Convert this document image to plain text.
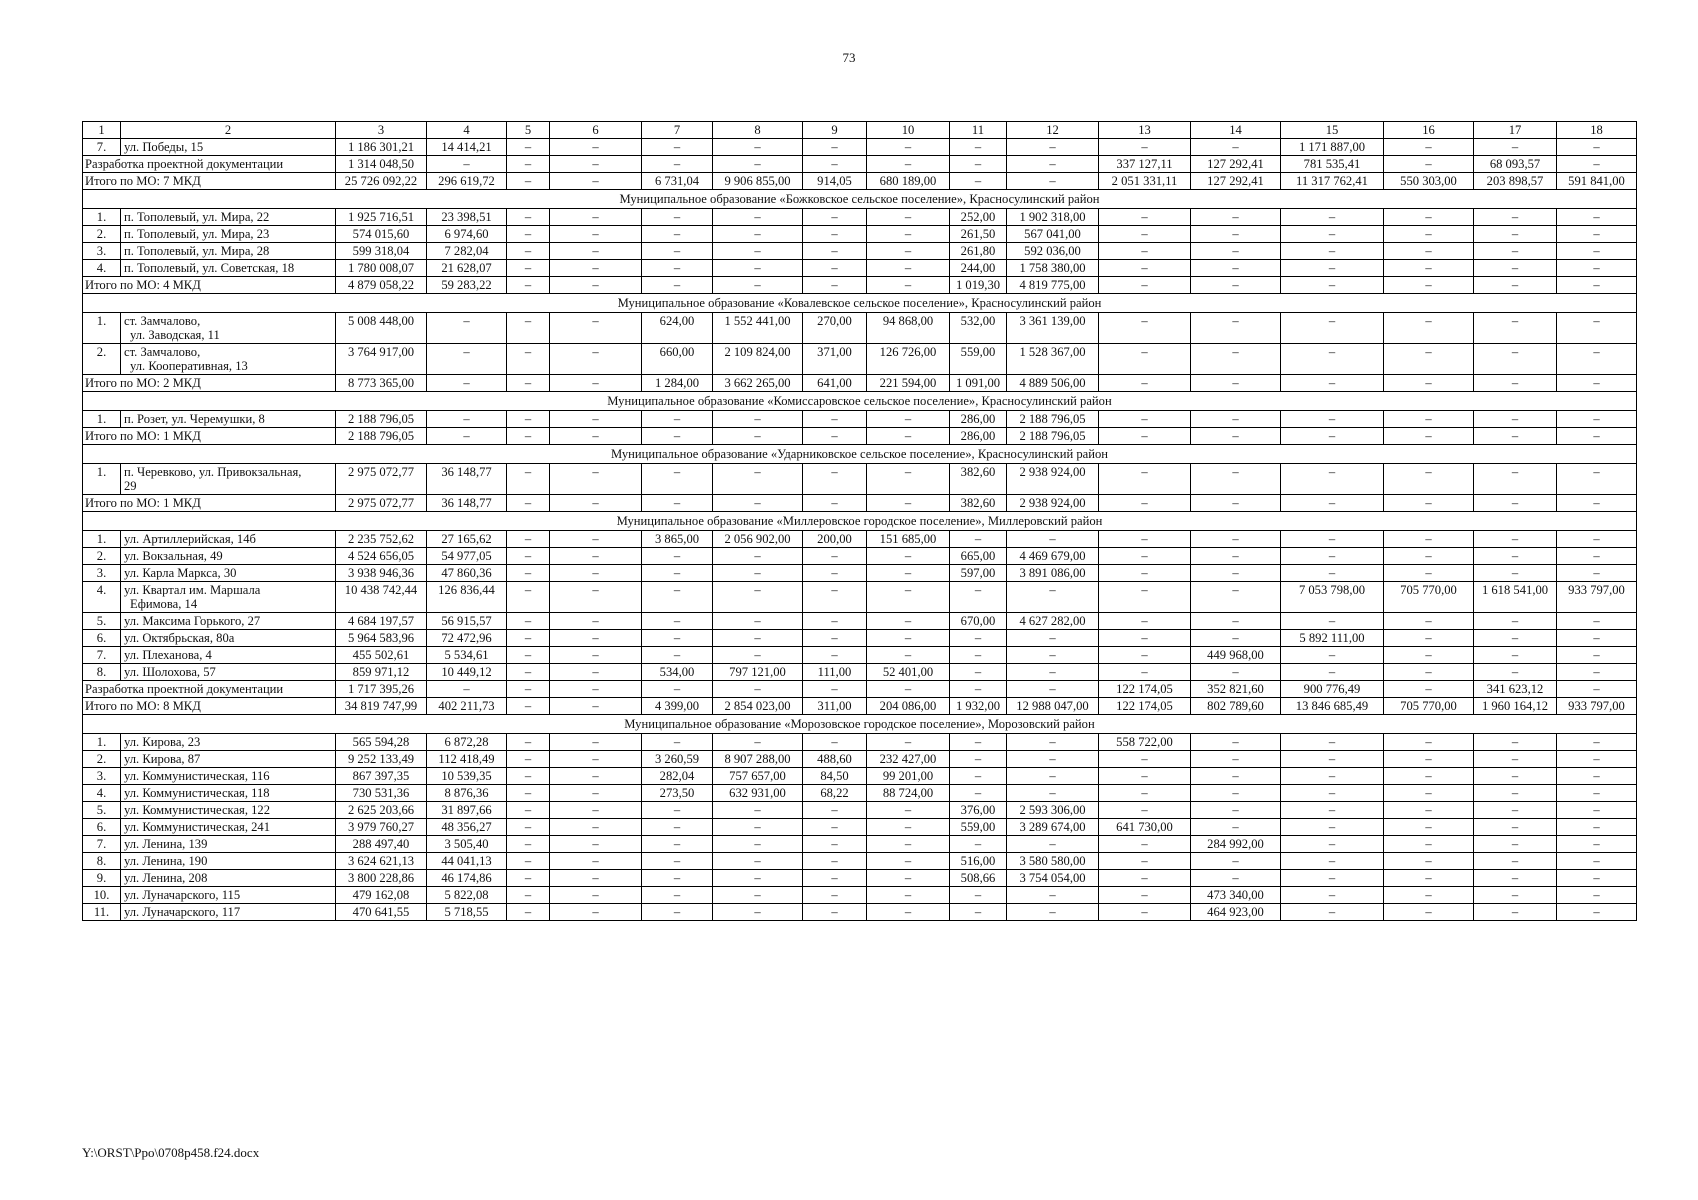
73
1	2	3	4	5	6	7	8	9	10	11	12	13	14	15	16	17	18
7.	ул. Победы, 15	1 186 301,21	14 414,21	–	–	–	–	–	–	–	–	–	–	1 171 887,00	–	–	–
Разработка проектной документации		1 314 048,50	–	–	–	–	–	–	–	–	–	337 127,11	127 292,41	781 535,41	–	68 093,57	–
Итого по МО: 7 МКД		25 726 092,22	296 619,72	–	–	6 731,04	9 906 855,00	914,05	680 189,00	–	–	2 051 331,11	127 292,41	11 317 762,41	550 303,00	203 898,57	591 841,00
Муниципальное образование «Божковское сельское поселение», Красносулинский район																	
1.	п. Тополевый, ул. Мира, 22	1 925 716,51	23 398,51	–	–	–	–	–	–	252,00	1 902 318,00	–	–	–	–	–	–
2.	п. Тополевый, ул. Мира, 23	574 015,60	6 974,60	–	–	–	–	–	–	261,50	567 041,00	–	–	–	–	–	–
3.	п. Тополевый, ул. Мира, 28	599 318,04	7 282,04	–	–	–	–	–	–	261,80	592 036,00	–	–	–	–	–	–
4.	п. Тополевый, ул. Советская, 18	1 780 008,07	21 628,07	–	–	–	–	–	–	244,00	1 758 380,00	–	–	–	–	–	–
Итого по МО: 4 МКД		4 879 058,22	59 283,22	–	–	–	–	–	–	1 019,30	4 819 775,00	–	–	–	–	–	–
Муниципальное образование «Ковалевское сельское поселение», Красносулинский район																	
1.	ст. Замчалово,
ул. Заводская, 11	5 008 448,00	–	–	–	624,00	1 552 441,00	270,00	94 868,00	532,00	3 361 139,00	–	–	–	–	–	–
2.	ст. Замчалово,
ул. Кооперативная, 13	3 764 917,00	–	–	–	660,00	2 109 824,00	371,00	126 726,00	559,00	1 528 367,00	–	–	–	–	–	–
Итого по МО: 2 МКД		8 773 365,00	–	–	–	1 284,00	3 662 265,00	641,00	221 594,00	1 091,00	4 889 506,00	–	–	–	–	–	–
Муниципальное образование «Комиссаровское сельское поселение», Красносулинский район																	
1.	п. Розет, ул. Черемушки, 8	2 188 796,05	–	–	–	–	–	–	–	286,00	2 188 796,05	–	–	–	–	–	–
Итого по МО: 1 МКД		2 188 796,05	–	–	–	–	–	–	–	286,00	2 188 796,05	–	–	–	–	–	–
Муниципальное образование «Ударниковское сельское поселение», Красносулинский район																	
1.	п. Черевково, ул. Привокзальная,
29	2 975 072,77	36 148,77	–	–	–	–	–	–	382,60	2 938 924,00	–	–	–	–	–	–
Итого по МО: 1 МКД		2 975 072,77	36 148,77	–	–	–	–	–	–	382,60	2 938 924,00	–	–	–	–	–	–
Муниципальное образование «Миллеровское городское поселение», Миллеровский район																	
1.	ул. Артиллерийская, 14б	2 235 752,62	27 165,62	–	–	3 865,00	2 056 902,00	200,00	151 685,00	–	–	–	–	–	–	–	–
2.	ул. Вокзальная, 49	4 524 656,05	54 977,05	–	–	–	–	–	–	665,00	4 469 679,00	–	–	–	–	–	–
3.	ул. Карла Маркса, 30	3 938 946,36	47 860,36	–	–	–	–	–	–	597,00	3 891 086,00	–	–	–	–	–	–
4.	ул. Квартал им. Маршала
Ефимова, 14	10 438 742,44	126 836,44	–	–	–	–	–	–	–	–	–	–	7 053 798,00	705 770,00	1 618 541,00	933 797,00
5.	ул. Максима Горького, 27	4 684 197,57	56 915,57	–	–	–	–	–	–	670,00	4 627 282,00	–	–	–	–	–	–
6.	ул. Октябрьская, 80а	5 964 583,96	72 472,96	–	–	–	–	–	–	–	–	–	–	5 892 111,00	–	–	–
7.	ул. Плеханова, 4	455 502,61	5 534,61	–	–	–	–	–	–	–	–	–	449 968,00	–	–	–	–
8.	ул. Шолохова, 57	859 971,12	10 449,12	–	–	534,00	797 121,00	111,00	52 401,00	–	–	–	–	–	–	–	–
Разработка проектной документации		1 717 395,26	–	–	–	–	–	–	–	–	–	122 174,05	352 821,60	900 776,49	–	341 623,12	–
Итого по МО: 8 МКД		34 819 747,99	402 211,73	–	–	4 399,00	2 854 023,00	311,00	204 086,00	1 932,00	12 988 047,00	122 174,05	802 789,60	13 846 685,49	705 770,00	1 960 164,12	933 797,00
Муниципальное образование «Морозовское городское поселение», Морозовский район																	
1.	ул. Кирова, 23	565 594,28	6 872,28	–	–	–	–	–	–	–	–	558 722,00	–	–	–	–	–
2.	ул. Кирова, 87	9 252 133,49	112 418,49	–	–	3 260,59	8 907 288,00	488,60	232 427,00	–	–	–	–	–	–	–	–
3.	ул. Коммунистическая, 116	867 397,35	10 539,35	–	–	282,04	757 657,00	84,50	99 201,00	–	–	–	–	–	–	–	–
4.	ул. Коммунистическая, 118	730 531,36	8 876,36	–	–	273,50	632 931,00	68,22	88 724,00	–	–	–	–	–	–	–	–
5.	ул. Коммунистическая, 122	2 625 203,66	31 897,66	–	–	–	–	–	–	376,00	2 593 306,00	–	–	–	–	–	–
6.	ул. Коммунистическая, 241	3 979 760,27	48 356,27	–	–	–	–	–	–	559,00	3 289 674,00	641 730,00	–	–	–	–	–
7.	ул. Ленина, 139	288 497,40	3 505,40	–	–	–	–	–	–	–	–	–	284 992,00	–	–	–	–
8.	ул. Ленина, 190	3 624 621,13	44 041,13	–	–	–	–	–	–	516,00	3 580 580,00	–	–	–	–	–	–
9.	ул. Ленина, 208	3 800 228,86	46 174,86	–	–	–	–	–	–	508,66	3 754 054,00	–	–	–	–	–	–
10.	ул. Луначарского, 115	479 162,08	5 822,08	–	–	–	–	–	–	–	–	–	473 340,00	–	–	–	–
11.	ул. Луначарского, 117	470 641,55	5 718,55	–	–	–	–	–	–	–	–	–	464 923,00	–	–	–	–
Y:\ORST\Ppo\0708p458.f24.docx
